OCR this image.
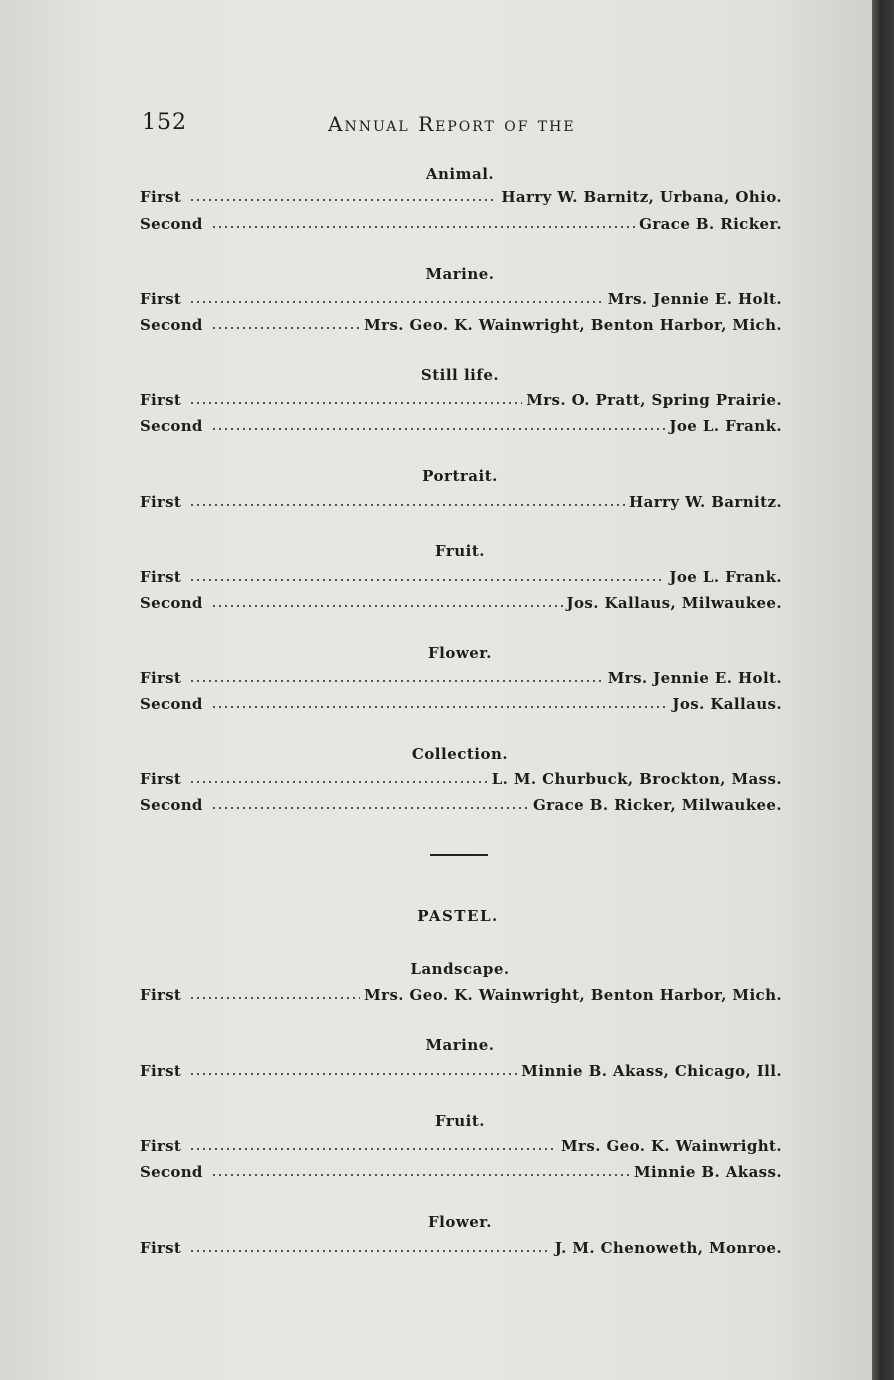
152	Annual Report of the
Animal.
First	Harry W. Barnitz, Urbana, Ohio.
Second	Grace B. Ricker.
Marine.
First	Mrs. Jennie E. Holt.
Second	Mrs. Geo. K. Wainwright, Benton Harbor, Mich.
Still life.
First	Mrs. O. Pratt, Spring Prairie.
Second	Joe L. Frank.
Portrait.
First	Harry W. Barnitz.
Fruit.
First	Joe L. Frank.
Second	Jos. Kallaus, Milwaukee.
Flower.
First	Mrs. Jennie E. Holt.
Second	Jos. Kallaus.
Collection.
First	L. M. Churbuck, Brockton, Mass.
Second	Grace B. Ricker, Milwaukee.
PASTEL.
Landscape.
First	Mrs. Geo. K. Wainwright, Benton Harbor, Mich.
Marine.
First	Minnie B. Akass, Chicago, Ill.
Fruit.
First	Mrs. Geo. K. Wainwright.
Second	Minnie B. Akass.
Flower.
First	J. M. Chenoweth, Monroe.
